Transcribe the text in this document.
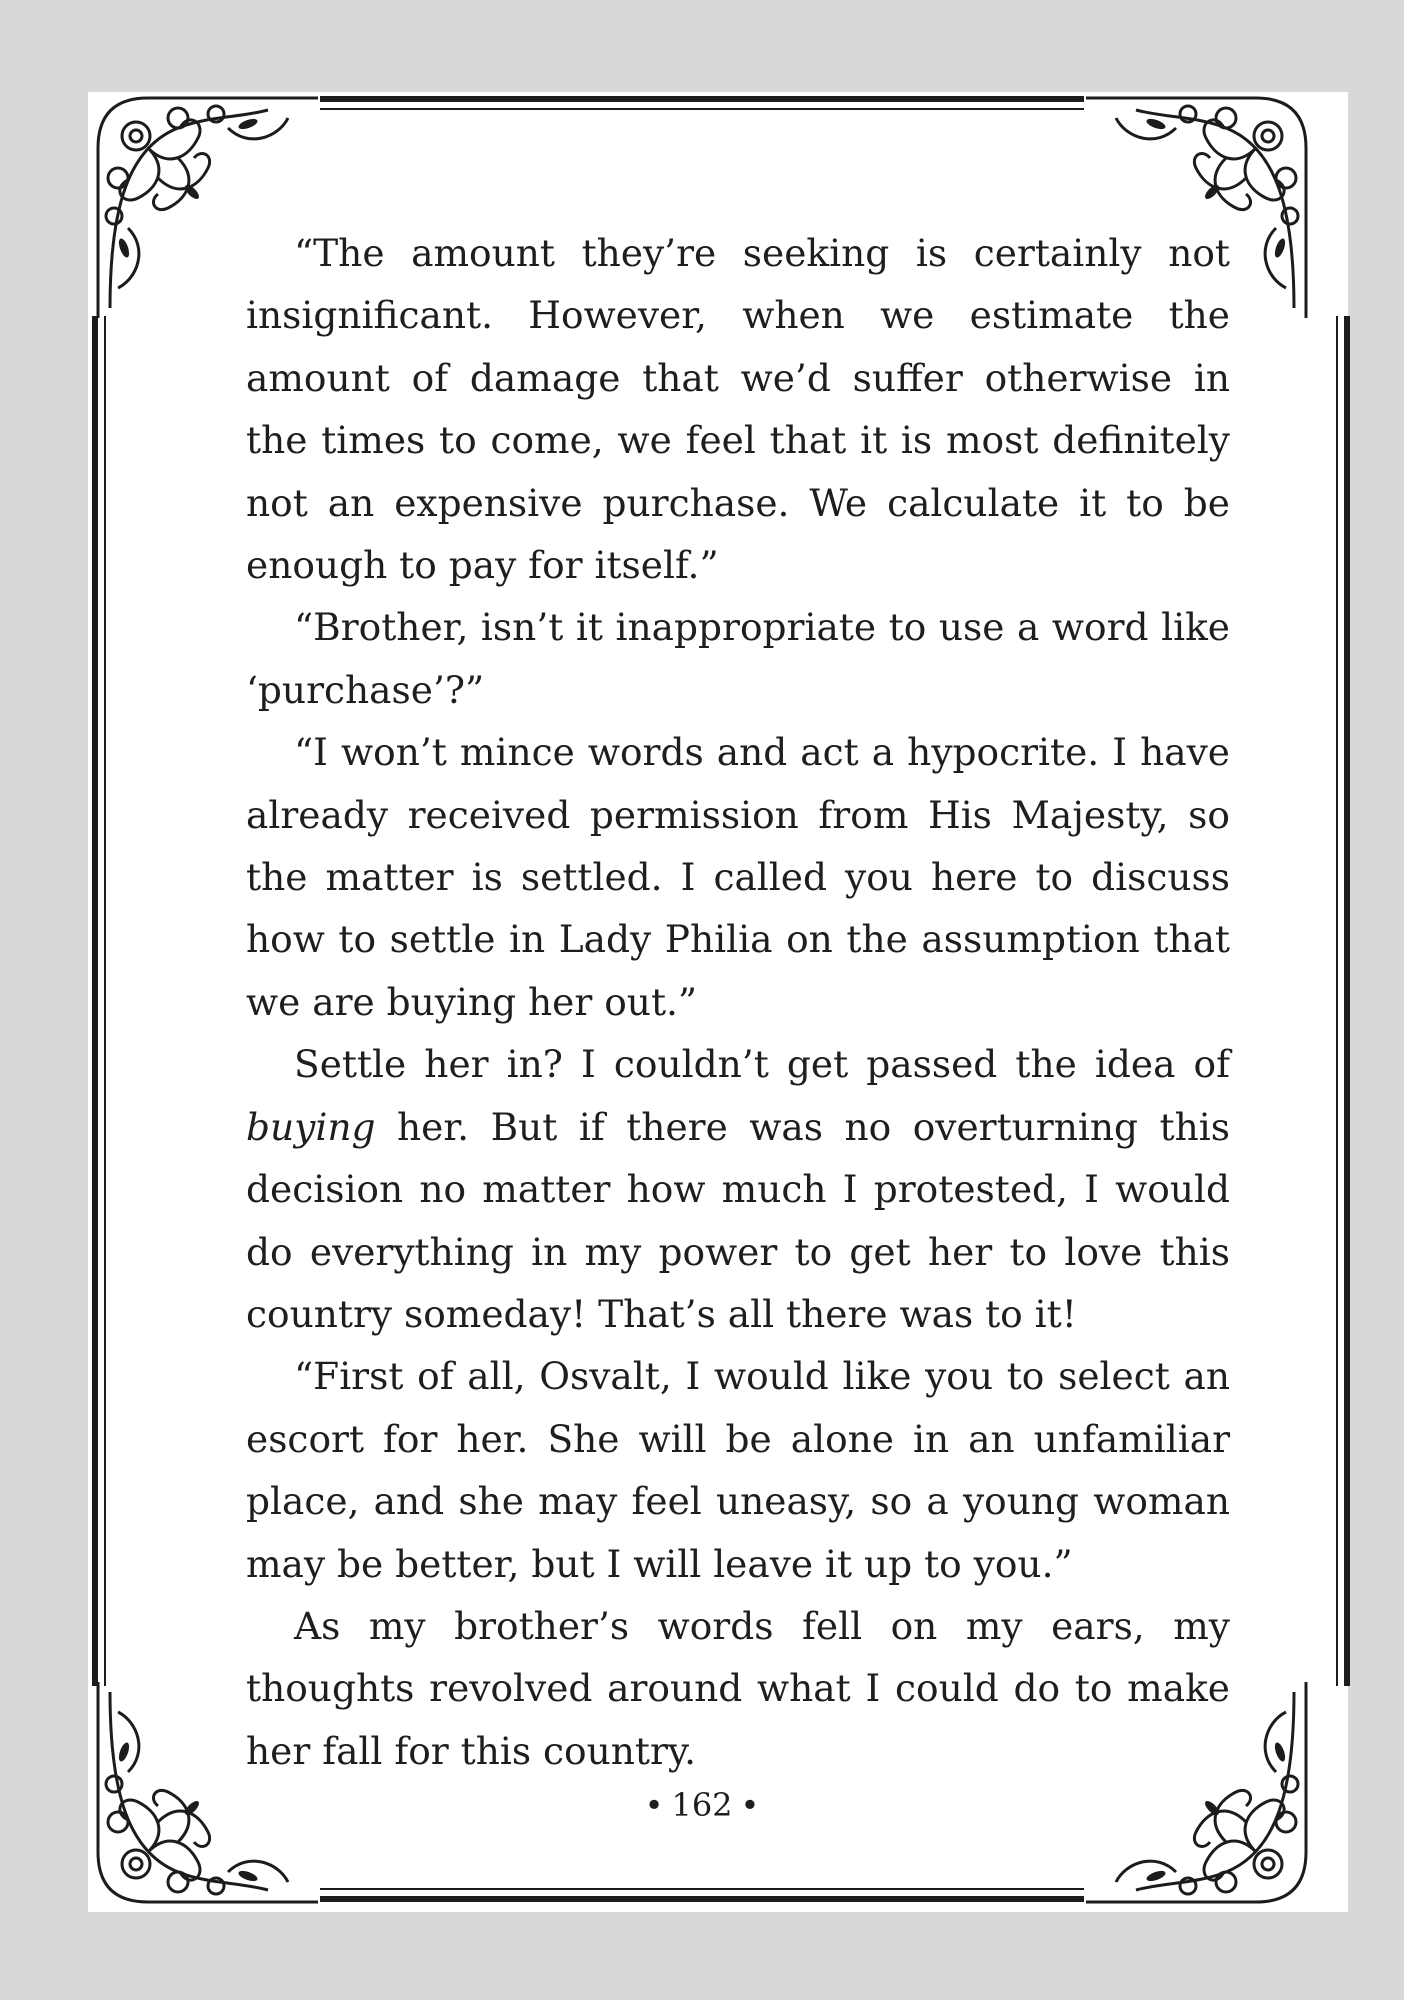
“The amount they’re seeking is certainly not insignificant. However, when we estimate the amount of damage that we’d suffer otherwise in the times to come, we feel that it is most definitely not an expensive purchase. We calculate it to be enough to pay for itself.”

“Brother, isn’t it inappropriate to use a word like ‘purchase’?”

“I won’t mince words and act a hypocrite. I have already received permission from His Majesty, so the matter is settled. I called you here to discuss how to settle in Lady Philia on the assumption that we are buying her out.”

Settle her in? I couldn’t get passed the idea of buying her. But if there was no overturning this decision no matter how much I protested, I would do everything in my power to get her to love this country someday! That’s all there was to it!

“First of all, Osvalt, I would like you to select an escort for her. She will be alone in an unfamiliar place, and she may feel uneasy, so a young woman may be better, but I will leave it up to you.”

As my brother’s words fell on my ears, my thoughts revolved around what I could do to make her fall for this country.

• 162 •
